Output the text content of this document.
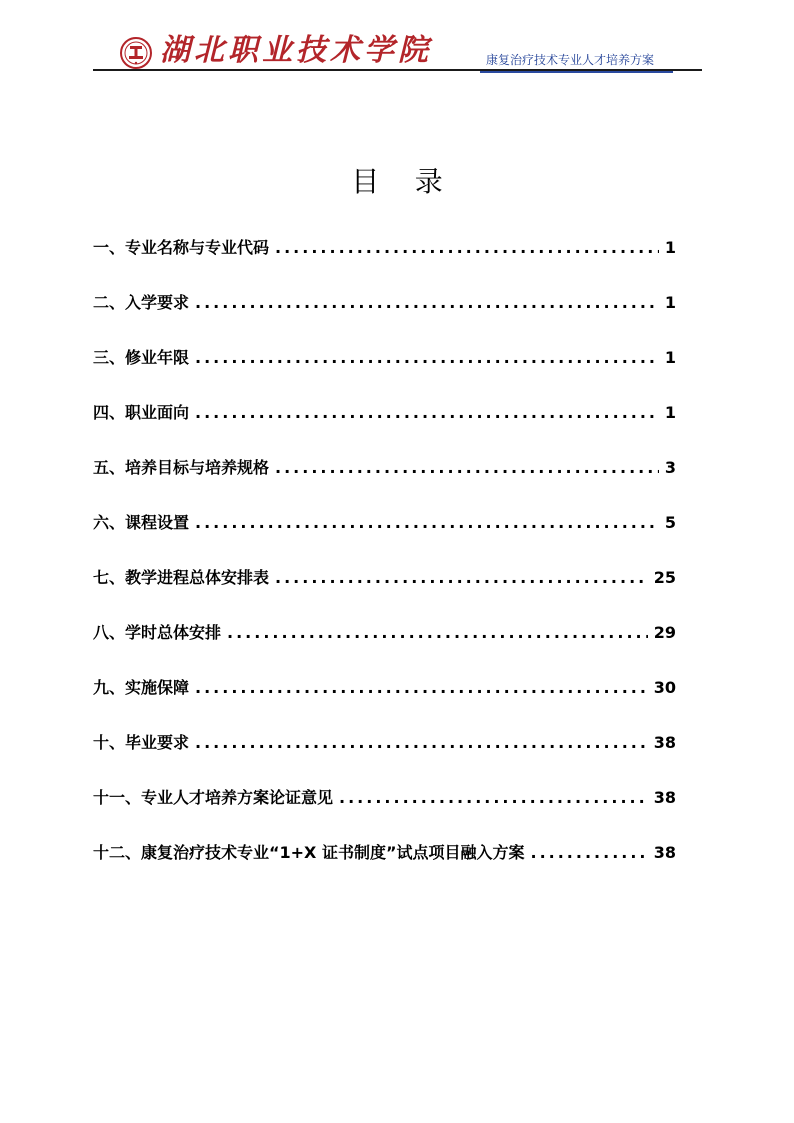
湖北职业技术学院	康复治疗技术专业人才培养方案
目    录
一、专业名称与专业代码 .....	1
二、入学要求 .....	1
三、修业年限 .....	1
四、职业面向 .....	1
五、培养目标与培养规格 .....	3
六、课程设置 .....	5
七、教学进程总体安排表 .....	25
八、学时总体安排 .....	29
九、实施保障 .....	30
十、毕业要求 .....	38
十一、专业人才培养方案论证意见 .....	38
十二、康复治疗技术专业“1+X 证书制度”试点项目融入方案 .....	38
